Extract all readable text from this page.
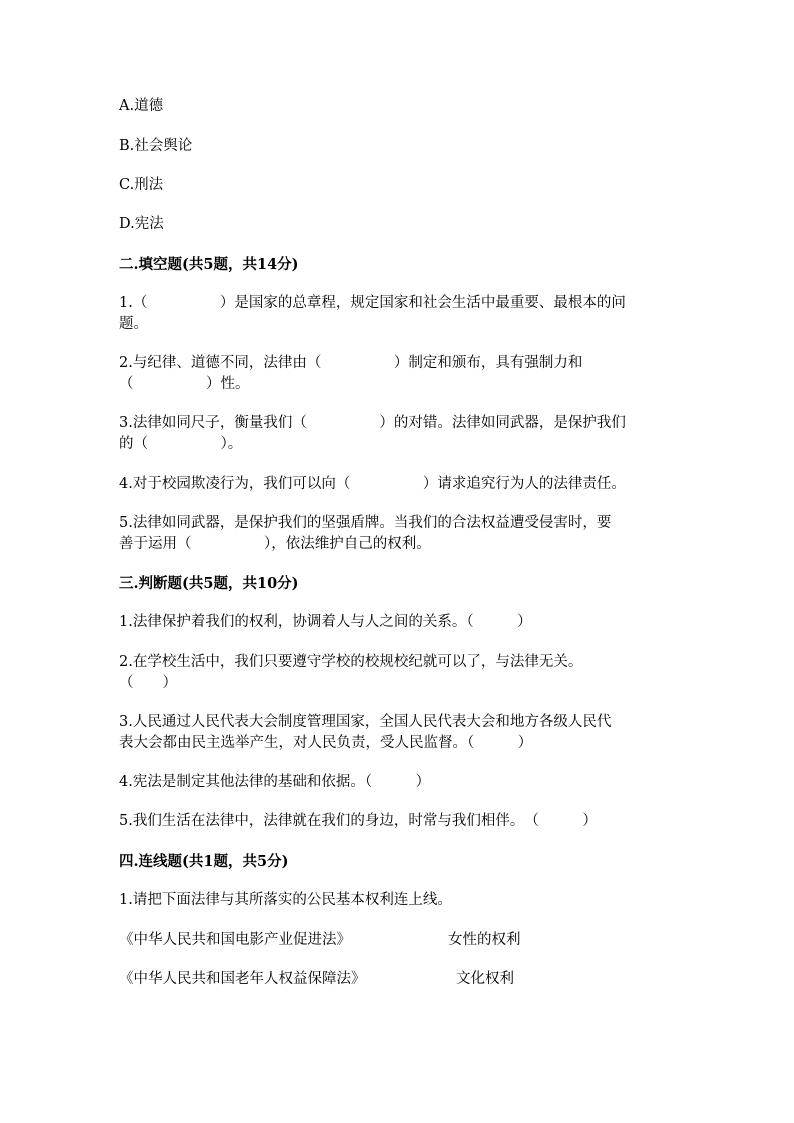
A.道德
B.社会舆论
C.刑法
D.宪法
二.填空题(共5题，共14分)
1.（　　　　　）是国家的总章程，规定国家和社会生活中最重要、最根本的问
题。
2.与纪律、道德不同，法律由（　　　　　）制定和颁布，具有强制力和
（　　　　　）性。
3.法律如同尺子，衡量我们（　　　　　）的对错。法律如同武器，是保护我们
的（　　　　　）。
4.对于校园欺凌行为，我们可以向（　　　　　）请求追究行为人的法律责任。
5.法律如同武器，是保护我们的坚强盾牌。当我们的合法权益遭受侵害时，要
善于运用（　　　　　），依法维护自己的权利。
三.判断题(共5题，共10分)
1.法律保护着我们的权利，协调着人与人之间的关系。（　　　）
2.在学校生活中，我们只要遵守学校的校规校纪就可以了，与法律无关。
（　　）
3.人民通过人民代表大会制度管理国家，全国人民代表大会和地方各级人民代
表大会都由民主选举产生，对人民负责，受人民监督。（　　　）
4.宪法是制定其他法律的基础和依据。（　　　）
5.我们生活在法律中，法律就在我们的身边，时常与我们相伴。　（　　　）
四.连线题(共1题，共5分)
1.请把下面法律与其所落实的公民基本权利连上线。
《中华人民共和国电影产业促进法》	女性的权利
《中华人民共和国老年人权益保障法》	文化权利
